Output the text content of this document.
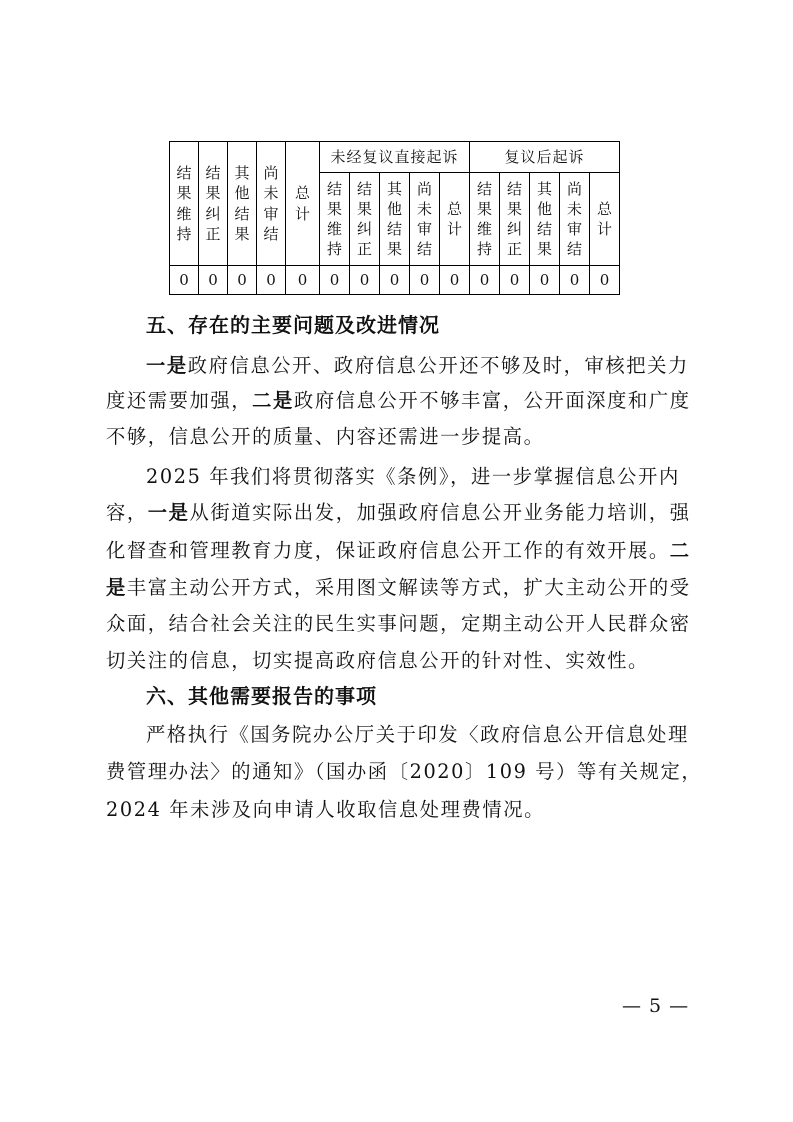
结果维持	结果纠正	其他结果	尚未审结	总计	未经复议直接起诉					复议后起诉				
					结果维持	结果纠正	其他结果	尚未审结	总计	结果维持	结果纠正	其他结果	尚未审结	总计
0	0	0	0	0	0	0	0	0	0	0	0	0	0	0
五、存在的主要问题及改进情况

一是政府信息公开、政府信息公开还不够及时，审核把关力

度还需要加强，二是政府信息公开不够丰富，公开面深度和广度

不够，信息公开的质量、内容还需进一步提高。

2025 年我们将贯彻落实《条例》，进一步掌握信息公开内

容，一是从街道实际出发，加强政府信息公开业务能力培训，强

化督查和管理教育力度，保证政府信息公开工作的有效开展。二

是丰富主动公开方式，采用图文解读等方式，扩大主动公开的受

众面，结合社会关注的民生实事问题，定期主动公开人民群众密

切关注的信息，切实提高政府信息公开的针对性、实效性。

六、其他需要报告的事项

严格执行《国务院办公厅关于印发〈政府信息公开信息处理

费管理办法〉的通知》（国办函〔2020〕109 号）等有关规定，

2024 年未涉及向申请人收取信息处理费情况。

— 5 —
